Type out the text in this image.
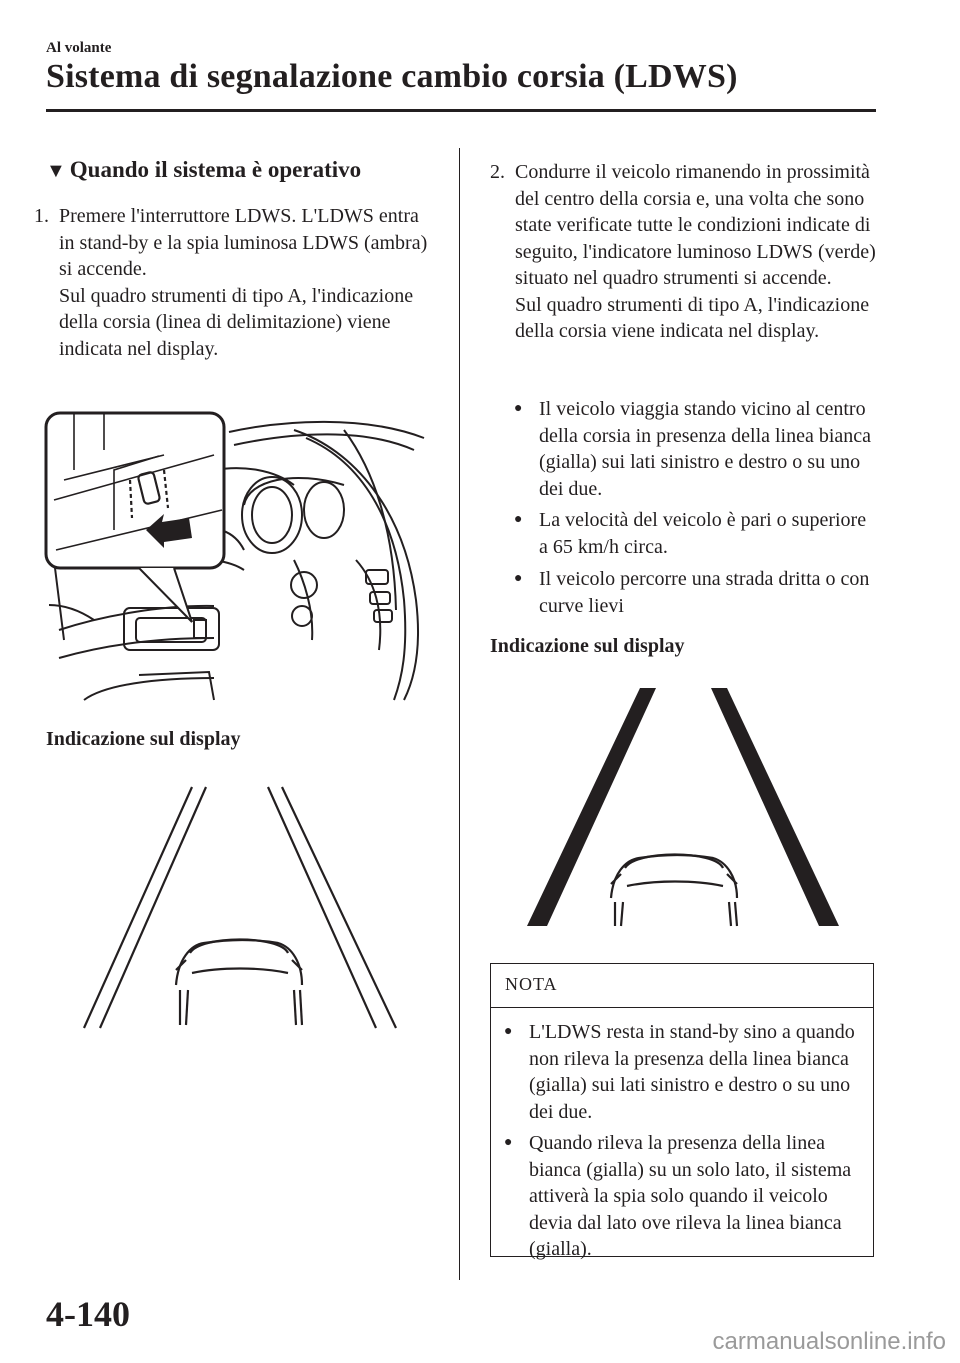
Al volante
Sistema di segnalazione cambio corsia (LDWS)
▼ Quando il sistema è operativo
1. Premere l'interruttore LDWS. L'LDWS entra in stand-by e la spia luminosa LDWS (ambra) si accende.

Sul quadro strumenti di tipo A, l'indicazione della corsia (linea di delimitazione) viene indicata nel display.

Indicazione sul display
2. Condurre il veicolo rimanendo in prossimità del centro della corsia e, una volta che sono state verificate tutte le condizioni indicate di seguito, l'indicatore luminoso LDWS (verde) situato nel quadro strumenti si accende.

Sul quadro strumenti di tipo A, l'indicazione della corsia viene indicata nel display.

● Il veicolo viaggia stando vicino al centro della corsia in presenza della linea bianca (gialla) sui lati sinistro e destro o su uno dei due.
● La velocità del veicolo è pari o superiore a 65 km/h circa.
● Il veicolo percorre una strada dritta o con curve lievi
Indicazione sul display
NOTA
● L'LDWS resta in stand-by sino a quando non rileva la presenza della linea bianca (gialla) sui lati sinistro e destro o su uno dei due.
● Quando rileva la presenza della linea bianca (gialla) su un solo lato, il sistema attiverà la spia solo quando il veicolo devia dal lato ove rileva la linea bianca (gialla).
4-140
carmanualsonline.info
